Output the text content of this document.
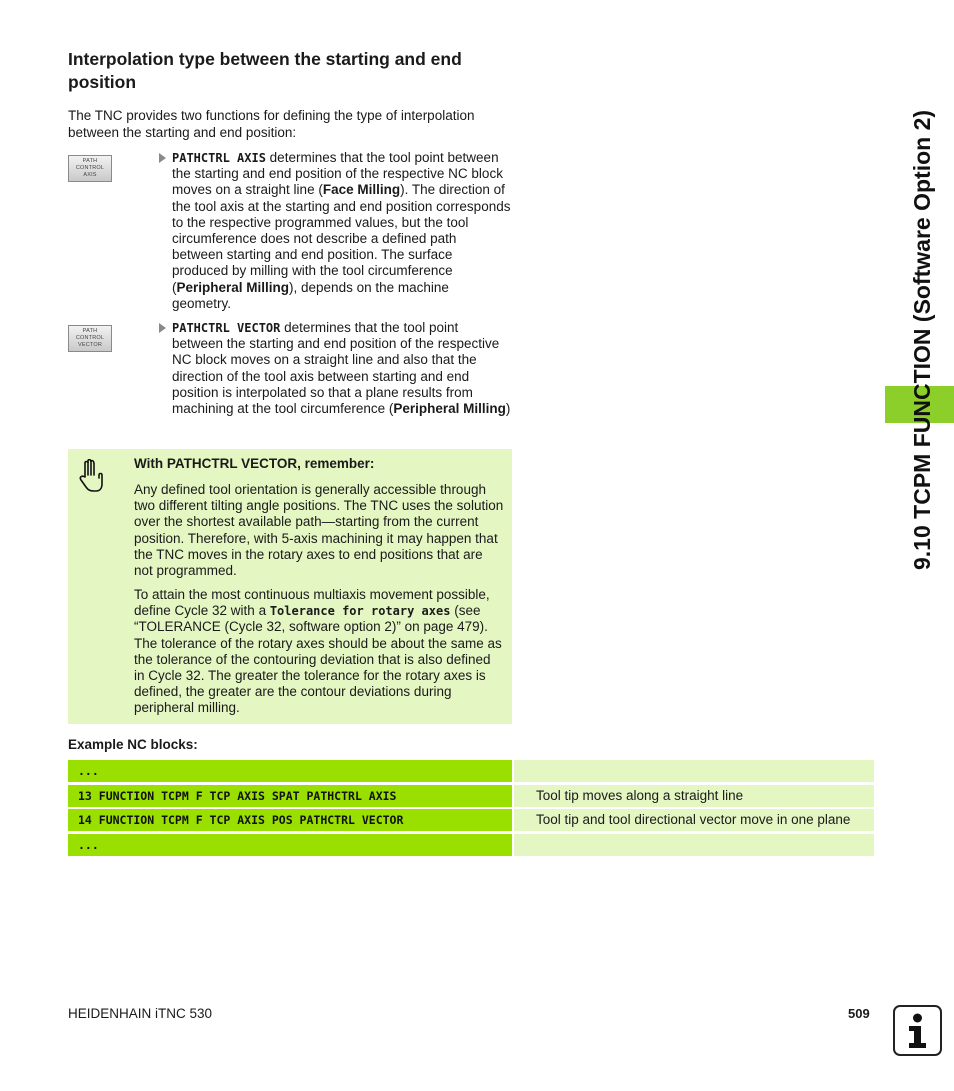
Interpolation type between the starting and end position
The TNC provides two functions for defining the type of interpolation between the starting and end position:
PATH
CONTROL
AXIS
PATHCTRL AXIS determines that the tool point between the starting and end position of the respective NC block moves on a straight line (Face Milling). The direction of the tool axis at the starting and end position corresponds to the respective programmed values, but the tool circumference does not describe a defined path between starting and end position. The surface produced by milling with the tool circumference (Peripheral Milling), depends on the machine geometry.
PATH
CONTROL
VECTOR
PATHCTRL VECTOR determines that the tool point between the starting and end position of the respective NC block moves on a straight line and also that the direction of the tool axis between starting and end position is interpolated so that a plane results from machining at the tool circumference (Peripheral Milling)
With PATHCTRL VECTOR, remember:
Any defined tool orientation is generally accessible through two different tilting angle positions. The TNC uses the solution over the shortest available path—starting from the current position. Therefore, with 5-axis machining it may happen that the TNC moves in the rotary axes to end positions that are not programmed.
To attain the most continuous multiaxis movement possible, define Cycle 32 with a Tolerance for rotary axes (see “TOLERANCE (Cycle 32, software option 2)” on page 479). The tolerance of the rotary axes should be about the same as the tolerance of the contouring deviation that is also defined in Cycle 32. The greater the tolerance for the rotary axes is defined, the greater are the contour deviations during peripheral milling.
Example NC blocks:
...
13 FUNCTION TCPM F TCP AXIS SPAT PATHCTRL AXIS	Tool tip moves along a straight line
14 FUNCTION TCPM F TCP AXIS POS PATHCTRL VECTOR	Tool tip and tool directional vector move in one plane
...
9.10 TCPM FUNCTION (Software Option 2)
HEIDENHAIN iTNC 530	509
